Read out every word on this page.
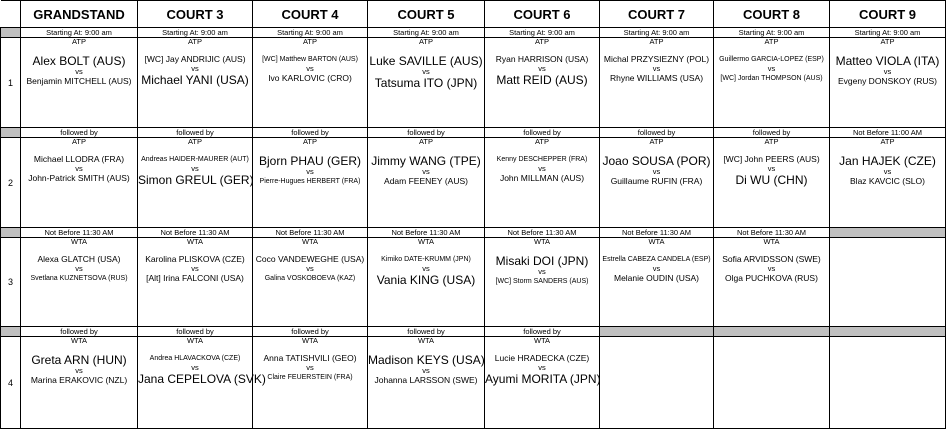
	GRANDSTAND	COURT 3	COURT 4	COURT 5	COURT 6	COURT 7	COURT 8	COURT 9
	Starting At: 9:00 am	Starting At: 9:00 am	Starting At: 9:00 am	Starting At: 9:00 am	Starting At: 9:00 am	Starting At: 9:00 am	Starting At: 9:00 am	Starting At: 9:00 am
1	ATP
Alex BOLT (AUS)
vs
Benjamin MITCHELL (AUS)	ATP
[WC] Jay ANDRIJIC (AUS)
vs
Michael YANI (USA)	ATP
[WC] Matthew BARTON (AUS)
vs
Ivo KARLOVIC (CRO)	ATP
Luke SAVILLE (AUS)
vs
Tatsuma ITO (JPN)	ATP
Ryan HARRISON (USA)
vs
Matt REID (AUS)	ATP
Michal PRZYSIEZNY (POL)
vs
Rhyne WILLIAMS (USA)	ATP
Guillermo GARCIA-LOPEZ (ESP)
vs
[WC] Jordan THOMPSON (AUS)	ATP
Matteo VIOLA (ITA)
vs
Evgeny DONSKOY (RUS)

	followed by	followed by	followed by	followed by	followed by	followed by	followed by	Not Before 11:00 AM
2	ATP
Michael LLODRA (FRA)
vs
John-Patrick SMITH (AUS)	ATP
Andreas HAIDER-MAURER (AUT)
vs
Simon GREUL (GER)	ATP
Bjorn PHAU (GER)
vs
Pierre-Hugues HERBERT (FRA)	ATP
Jimmy WANG (TPE)
vs
Adam FEENEY (AUS)	ATP
Kenny DESCHEPPER (FRA)
vs
John MILLMAN (AUS)	ATP
Joao SOUSA (POR)
vs
Guillaume RUFIN (FRA)	ATP
[WC] John PEERS (AUS)
vs
Di WU (CHN)	ATP
Jan HAJEK (CZE)
vs
Blaz KAVCIC (SLO)

	Not Before 11:30 AM	Not Before 11:30 AM	Not Before 11:30 AM	Not Before 11:30 AM	Not Before 11:30 AM	Not Before 11:30 AM	Not Before 11:30 AM	
3	WTA
Alexa GLATCH (USA)
vs
Svetlana KUZNETSOVA (RUS)	WTA
Karolina PLISKOVA (CZE)
vs
[Alt] Irina FALCONI (USA)	WTA
Coco VANDEWEGHE (USA)
vs
Galina VOSKOBOEVA (KAZ)	WTA
Kimiko DATE-KRUMM (JPN)
vs
Vania KING (USA)	WTA
Misaki DOI (JPN)
vs
[WC] Storm SANDERS (AUS)	WTA
Estrella CABEZA CANDELA (ESP)
vs
Melanie OUDIN (USA)	WTA
Sofia ARVIDSSON (SWE)
vs
Olga PUCHKOVA (RUS)	

	followed by	followed by	followed by	followed by	followed by			
4	WTA
Greta ARN (HUN)
vs
Marina ERAKOVIC (NZL)	WTA
Andrea HLAVACKOVA (CZE)
vs
Jana CEPELOVA (SVK)	WTA
Anna TATISHVILI (GEO)
vs
Claire FEUERSTEIN (FRA)	WTA
Madison KEYS (USA)
vs
Johanna LARSSON (SWE)	WTA
Lucie HRADECKA (CZE)
vs
Ayumi MORITA (JPN)			
